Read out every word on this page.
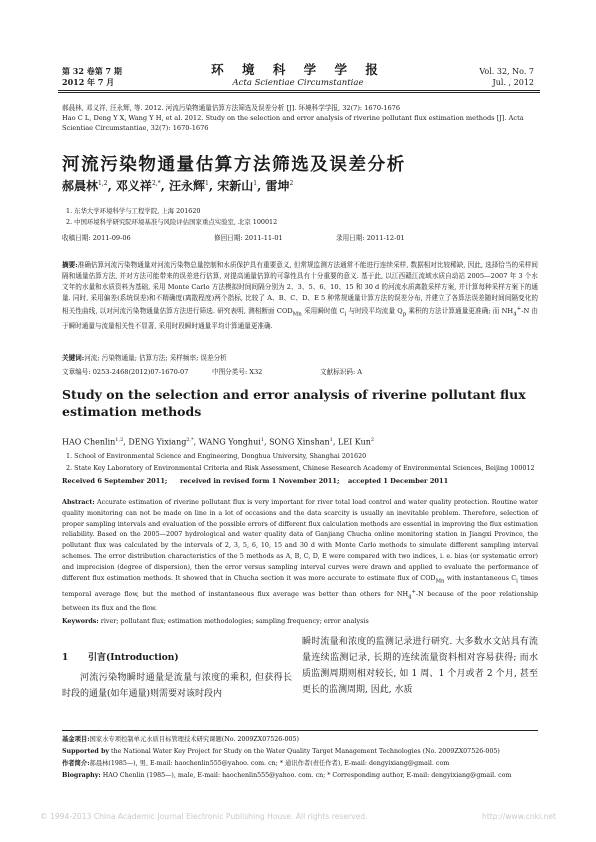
第 32 卷第 7 期
2012 年 7 月
环 境 科 学 学 报
Acta Scientiae Circumstantiae
Vol. 32, No. 7
Jul. , 2012
郝晨林, 邓义祥, 汪永辉, 等. 2012. 河流污染物通量估算方法筛选及误差分析 [J]. 环境科学学报, 32(7): 1670-1676
Hao C L, Deng Y X, Wang Y H, et al. 2012. Study on the selection and error analysis of riverine pollutant flux estimation methods [J]. Acta Scientiae Circumstantiae, 32(7): 1670-1676
河流污染物通量估算方法筛选及误差分析
郝晨林$^{1,2}$, 邓义祥$^{2,*}$, 汪永辉$^1$, 宋新山$^1$, 雷坤$^2$
1. 东华大学环境科学与工程学院, 上海 201620
2. 中国环境科学研究院环境基准与风险评估国家重点实验室, 北京 100012
收稿日期: 2011-09-06	修回日期: 2011-11-01	录用日期: 2011-12-01
摘要:准确估算河流污染物通量对河流污染物总量控制和水质保护具有重要意义, 但常规监测方法通常不能进行连续采样, 数据相对比较稀缺, 因此, 选择恰当的采样间隔和通量估算方法, 并对方法可能带来的误差进行估算, 对提高通量估算的可靠性具有十分重要的意义. 基于此, 以江西赣江流域水质自动站 2005—2007 年 3 个水文年的水量和水质资料为基础, 采用 Monte Carlo 方法模拟时间间隔分别为 2、3、5、6、10、15 和 30 d 的河流水质离散采样方案, 并计算每种采样方案下的通量. 同时, 采用偏差(系统误差)和不精确度(离散程度)两个指标, 比较了 A、B、C、D、E 5 种常规通量计算方法的误差分布, 并建立了各算法误差随时间间隔变化的相关性曲线, 以对河流污染物通量估算方法进行筛选. 研究表明, 测相断面 $COD_{Mn}$ 采用瞬时值 $C_i$ 与时段平均流量 $Q_p$ 乘积的方法计算通量更准确; 而 $NH_4^+-N$ 由于瞬时通量与流量相关性不显著, 采用时段瞬时通量平均计算通量更准确.
关键词:河流; 污染物通量; 估算方法; 采样频率; 误差分析
文章编号: 0253-2468(2012)07-1670-07	中图分类号: X32	文献标识码: A
Study on the selection and error analysis of riverine pollutant flux estimation methods
HAO Chenlin$^{1,2}$, DENG Yixiang$^{2,*}$, WANG Yonghui$^1$, SONG Xinshan$^1$, LEI Kun$^2$
1. School of Environmental Science and Engineering, Donghua University, Shanghai 201620
2. State Key Laboratory of Environmental Criteria and Risk Assessment, Chinese Research Academy of Environmental Sciences, Beijing 100012
Received 6 September 2011; received in revised form 1 November 2011; accepted 1 December 2011
Abstract: Accurate estimation of riverine pollutant flux is very important for river total load control and water quality protection. Routine water quality monitoring can not be made on line in a lot of occasions and the data scarcity is usually an inevitable problem. Therefore, selection of proper sampling intervals and evaluation of the possible errors of different flux calculation methods are essential in improving the flux estimation reliability. Based on the 2005—2007 hydrological and water quality data of Ganjiang Chucha online monitoring station in Jiangxi Province, the pollutant flux was calculated by the intervals of 2, 3, 5, 6, 10, 15 and 30 d with Monte Carlo methods to simulate different sampling interval schemes. The error distribution characteristics of the 5 methods as A, B, C, D, E were compared with two indices, i. e. bias (or systematic error) and imprecision (degree of dispersion), then the error versus sampling interval curves were drawn and applied to evaluate the performance of different flux estimation methods. It showed that in Chucha section it was more accurate to estimate flux of $COD_{Mn}$ with instantaneous $C_i$ times temporal average flow, but the method of instantaneous flux average was better than others for $NH_4^+-N$ because of the poor relationship between its flux and the flow.
Keywords: river; pollutant flux; estimation methodologies; sampling frequency; error analysis
1 引言(Introduction)
河流污染物瞬时通量是流量与浓度的乘积, 但获得长时段的通量(如年通量)则需要对该时段内
瞬时流量和浓度的监测记录进行研究. 大多数水文站具有流量连续监测记录, 长期的连续流量资料相对容易获得; 而水质监测周期则相对较长, 如 1 周、1 个月或者 2 个月, 甚至更长的监测周期, 因此, 水质
基金项目:国家水专项控制单元水质目标管理技术研究课题(No. 2009ZX07526-005)
Supported by the National Water Key Project for Study on the Water Quality Target Management Technologies (No. 2009ZX07526-005)
作者简介:郝晨林(1985—), 男, E-mail: haochenlin555@yahoo. com. cn; * 通讯作者(责任作者), E-mail: dengyixiang@gmail. com
Biography: HAO Chenlin (1985—), male, E-mail: haochenlin555@yahoo. com. cn; * Corresponding author, E-mail: dengyixiang@gmail. com
© 1994-2013 China Academic Journal Electronic Publishing House. All rights reserved.	http://www.cnki.net
